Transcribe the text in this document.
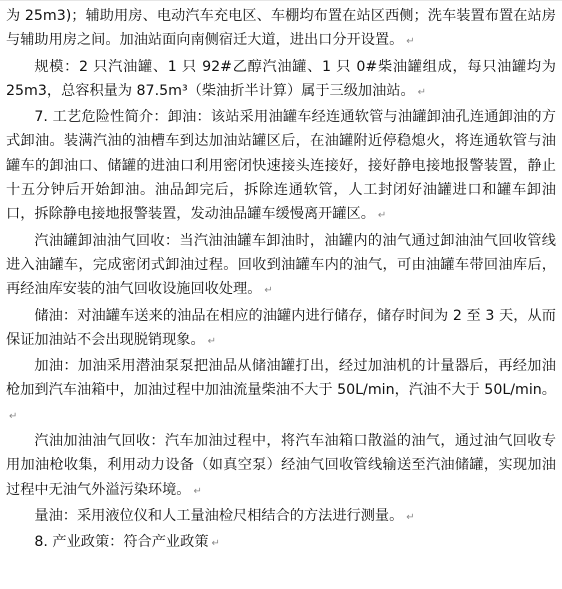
为 25m3)；辅助用房、电动汽车充电区、车棚均布置在站区西侧；洗车装置布置在站房与辅助用房之间。加油站面向南侧宿迁大道，进出口分开设置。 ↵

规模：2 只汽油罐、1 只 92#乙醇汽油罐、1 只 0#柴油罐组成，每只油罐均为 25m3，总容积量为 87.5m³（柴油折半计算）属于三级加油站。 ↵

7. 工艺危险性简介：卸油：该站采用油罐车经连通软管与油罐卸油孔连通卸油的方式卸油。装满汽油的油槽车到达加油站罐区后，在油罐附近停稳熄火，将连通软管与油罐车的卸油口、储罐的进油口利用密闭快速接头连接好，接好静电接地报警装置，静止十五分钟后开始卸油。油品卸完后，拆除连通软管，人工封闭好油罐进口和罐车卸油口，拆除静电接地报警装置，发动油品罐车缓慢离开罐区。 ↵

汽油罐卸油油气回收：当汽油油罐车卸油时，油罐内的油气通过卸油油气回收管线进入油罐车，完成密闭式卸油过程。回收到油罐车内的油气，可由油罐车带回油库后，再经油库安装的油气回收设施回收处理。 ↵

储油：对油罐车送来的油品在相应的油罐内进行储存，储存时间为 2 至 3 天，从而保证加油站不会出现脱销现象。 ↵

加油：加油采用潜油泵泵把油品从储油罐打出，经过加油机的计量器后，再经加油枪加到汽车油箱中，加油过程中加油流量柴油不大于 50L/min，汽油不大于 50L/min。↵

汽油加油油气回收：汽车加油过程中，将汽车油箱口散溢的油气，通过油气回收专用加油枪收集，利用动力设备（如真空泵）经油气回收管线输送至汽油储罐，实现加油过程中无油气外溢污染环境。 ↵

量油：采用液位仪和人工量油检尺相结合的方法进行测量。 ↵

8. 产业政策：符合产业政策 ↵
